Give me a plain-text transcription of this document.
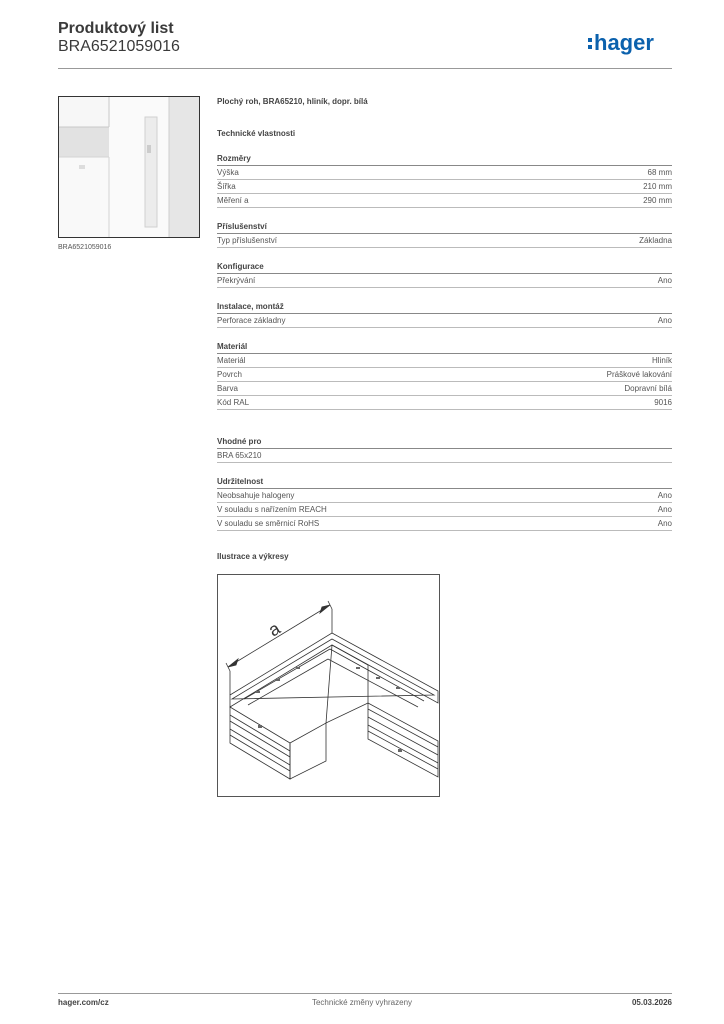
Produktový list
BRA6521059016	hager
BRA6521059016
Plochý roh, BRA65210, hliník, dopr. bílá
Technické vlastnosti
Rozměry
Výška	68 mm
Šířka	210 mm
Měření a	290 mm
Příslušenství
Typ příslušenství	Základna
Konfigurace
Překrývání	Ano
Instalace, montáž
Perforace základny	Ano
Materiál
Materiál	Hliník
Povrch	Práškové lakování
Barva	Dopravní bílá
Kód RAL	9016
Vhodné pro
BRA 65x210
Udržitelnost
Neobsahuje halogeny	Ano
V souladu s nařízením REACH	Ano
V souladu se směrnicí RoHS	Ano
Ilustrace a výkresy
a
hager.com/cz	Technické změny vyhrazeny	05.03.2026
